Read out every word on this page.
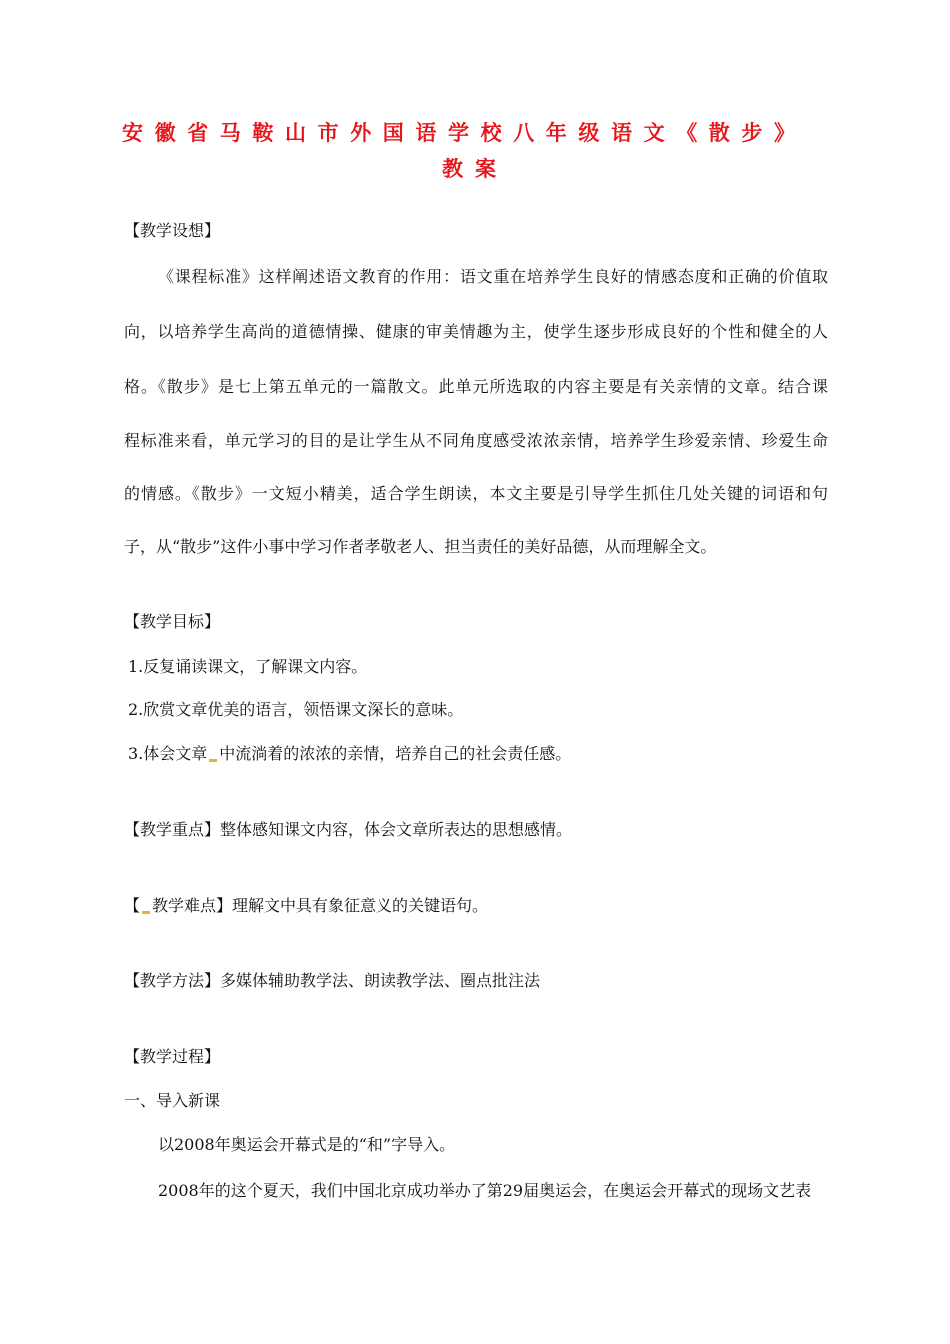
安徽省马鞍山市外国语学校八年级语文《散步》
教案
【教学设想】
《课程标准》这样阐述语文教育的作用：语文重在培养学生良好的情感态度和正确的价值取
向，以培养学生高尚的道德情操、健康的审美情趣为主，使学生逐步形成良好的个性和健全的人
格。《散步》是七上第五单元的一篇散文。此单元所选取的内容主要是有关亲情的文章。结合课
程标准来看，单元学习的目的是让学生从不同角度感受浓浓亲情，培养学生珍爱亲情、珍爱生命
的情感。《散步》一文短小精美，适合学生朗读，本文主要是引导学生抓住几处关键的词语和句
子，从“散步”这件小事中学习作者孝敬老人、担当责任的美好品德，从而理解全文。
【教学目标】
1.反复诵读课文，了解课文内容。
2.欣赏文章优美的语言，领悟课文深长的意味。
3.体会文章 中流淌着的浓浓的亲情，培养自己的社会责任感。
【教学重点】整体感知课文内容，体会文章所表达的思想感情。
【 教学难点】理解文中具有象征意义的关键语句。
【教学方法】多媒体辅助教学法、朗读教学法、圈点批注法
【教学过程】
一、导入新课
以2008年奥运会开幕式是的“和”字导入。
2008年的这个夏天，我们中国北京成功举办了第29届奥运会，在奥运会开幕式的现场文艺表
